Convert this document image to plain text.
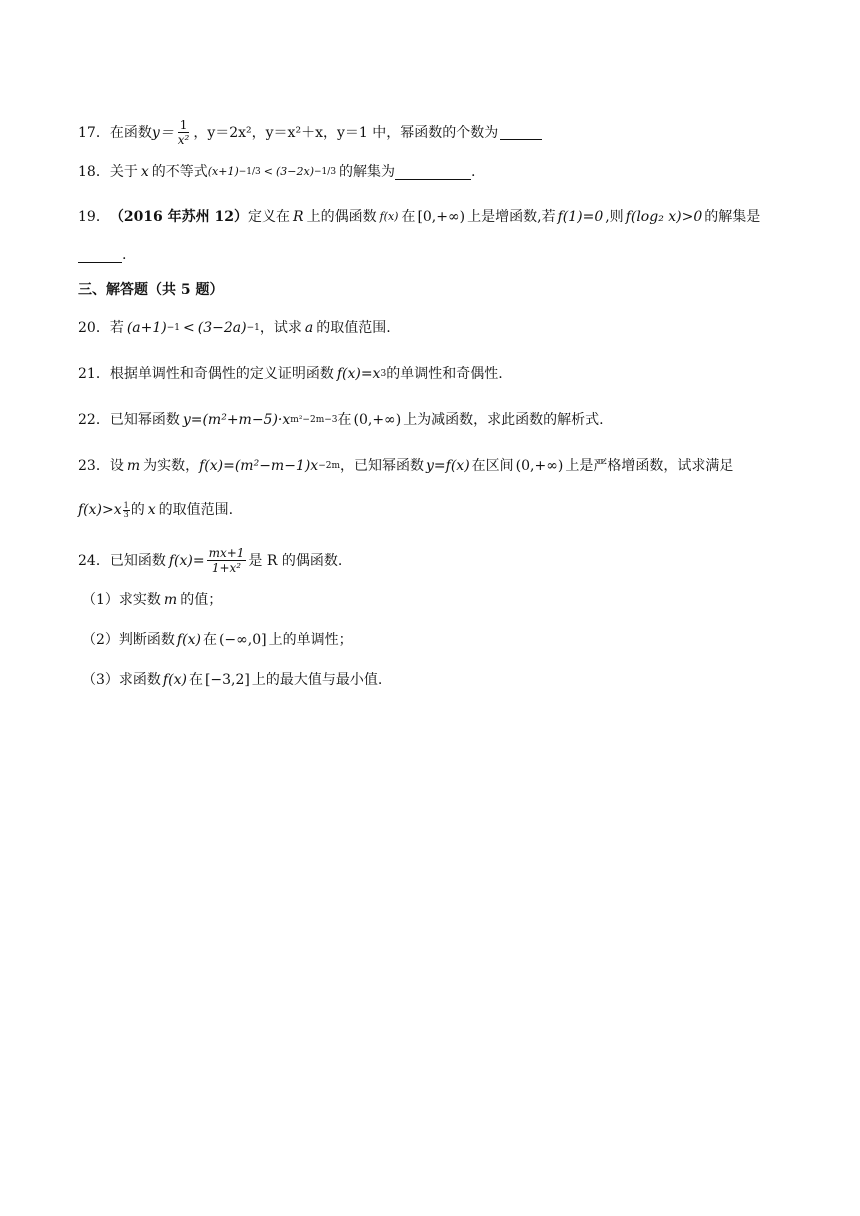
17． 在函数 $y= \frac{1}{\text{x²}}$ ，y＝2x²，y＝x²＋x，y＝1 中，幂函数的个数为
18． 关于 x 的不等式 (x+1) −1/3 < (3−2x) −1/3 的解集为	.
19． （2016 年苏州 12） 定义在 R 上的偶函数 f(x) 在 [0,+∞) 上是增函数,若 f(1)=0 ,则 f(log₂ x)>0 的解集是
.
三、解答题（共 5 题）
20． 若 (a+1) −1 < (3−2a) −1 ，试求 a 的取值范围.
21． 根据单调性和奇偶性的定义证明函数 f(x)=x 3 的单调性和奇偶性.
22． 已知幂函数 y=(m²+m−5)·x m²−2m−3 在 (0,+∞) 上为减函数，求此函数的解析式.
23． 设 m 为实数， f(x)=(m²−m−1)x −2m ，已知幂函数 y=f(x) 在区间 (0,+∞) 上是严格增函数，试求满足
$f(x)>x \frac{1}{3}$ 的 x 的取值范围.
24． 已知函数 $f(x)= \frac{mx+1}{\text{1+x²}}$ 是 R 的偶函数.
（1）求实数 m 的值；
（2）判断函数 f(x) 在 (−∞,0] 上的单调性；
（3）求函数 f(x) 在 [−3,2] 上的最大值与最小值.
